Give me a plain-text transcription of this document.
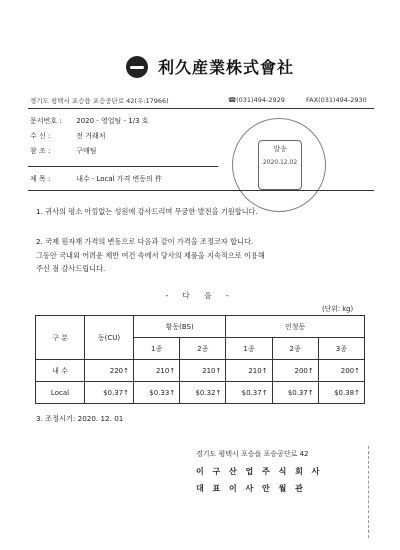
利久産業株式會社
경기도 평택시 포승읍 포승공단로 42(우:17966)	☎(031)494-2929	FAX(031)494-2930
문서번호 : 2020 - 영업팀 - 1/3 호
수 신 :	전 거래처
참 조 :	구매팀
제 목 :	내수 · Local 가격 변동의 件
발송
2020.12.02
1. 귀사의 평소 아낌없는 성원에 감사드리며 무궁한 발전을 기원합니다.
2. 국제 원자재 가격의 변동으로 다음과 같이 가격을 조정코자 합니다.
그동안 국내외 어려운 제반 여건 속에서 당사의 제품을 지속적으로 이용해
주신 점 감사드립니다.
- 다 음 -
(단위: kg)
구 분	동(CU)	황동(BS)		인청동		
		1종	2종	1종	2종	3종
내 수	220↑	210↑	210↑	210↑	200↑	200↑
Local	$0.37↑	$0.33↑	$0.32↑	$0.37↑	$0.37↑	$0.38↑
3. 조정시기: 2020. 12. 01
경기도 평택시 포승읍 포승공단로 42
이 구 산 업 주 식 회 사
대 표 이 사 안 월 관
